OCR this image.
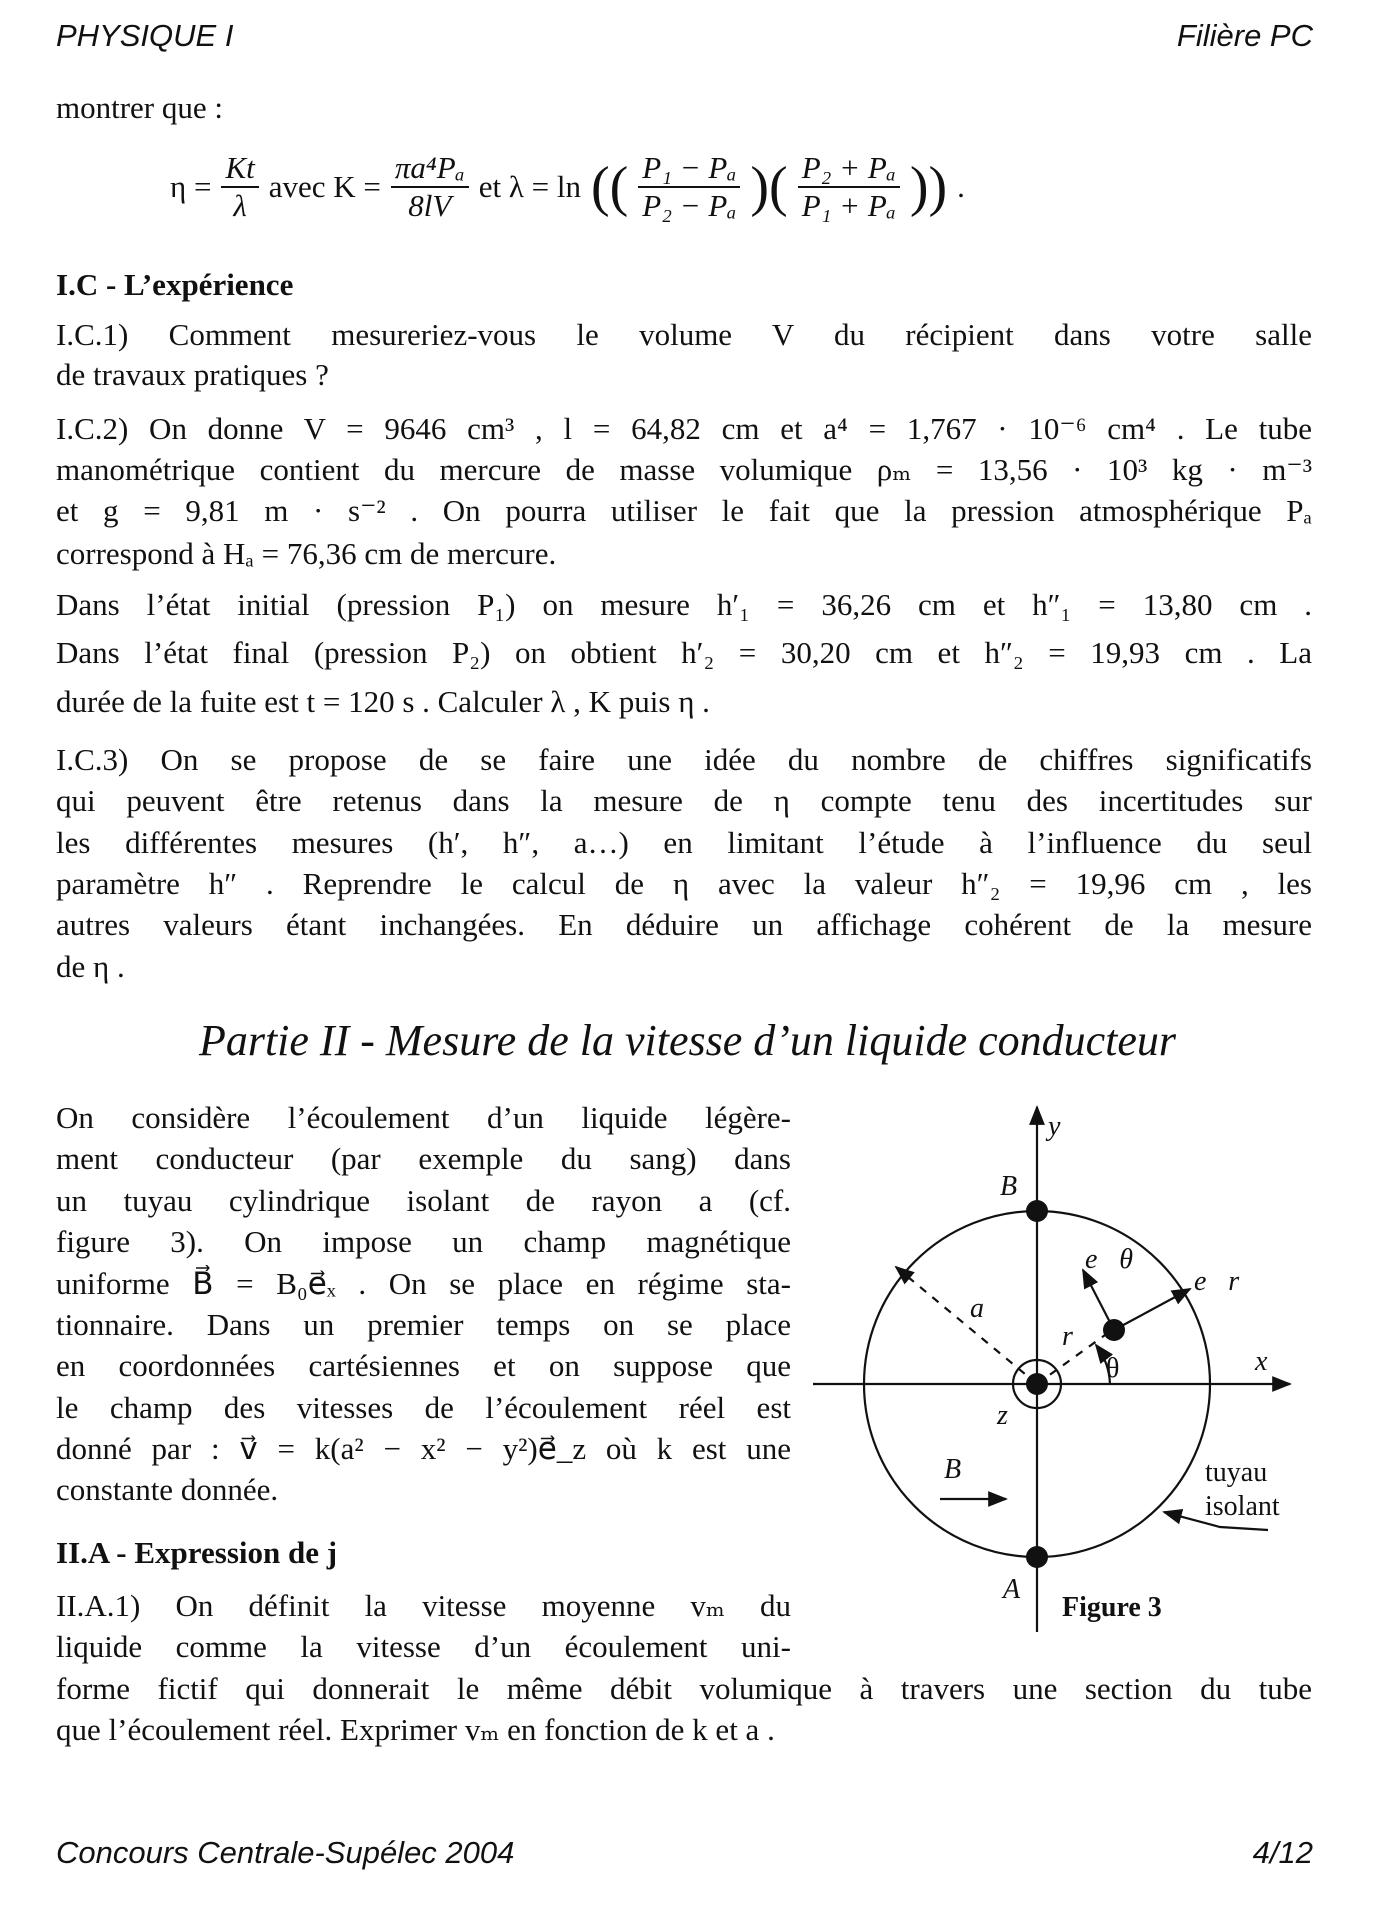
PHYSIQUE I	Filière PC
montrer que :
$\eta = \frac{Kt}{\lambda}$ avec $K = \frac{\text{πa⁴Pₐ}}{8lV}$ et λ = ln (( $\frac{\text{P₁ − Pₐ}}{\text{P₂ − Pₐ}}$ )( $\frac{\text{P₂ + Pₐ}}{\text{P₁ + Pₐ}}$ )) .
I.C - L’expérience
I.C.1) Comment mesureriez-vous le volume V du récipient dans votre salle
de travaux pratiques ?
I.C.2) On donne V = 9646 cm³ , l = 64,82 cm et a⁴ = 1,767 · 10⁻⁶ cm⁴ . Le tube
manométrique contient du mercure de masse volumique ρₘ = 13,56 · 10³ kg · m⁻³
et g = 9,81 m · s⁻² . On pourra utiliser le fait que la pression atmosphérique Pₐ
correspond à Hₐ = 76,36 cm de mercure.
Dans l’état initial (pression P₁) on mesure h′₁ = 36,26 cm et h″₁ = 13,80 cm .
Dans l’état final (pression P₂) on obtient h′₂ = 30,20 cm et h″₂ = 19,93 cm . La
durée de la fuite est t = 120 s . Calculer λ , K puis η .
I.C.3) On se propose de se faire une idée du nombre de chiffres significatifs
qui peuvent être retenus dans la mesure de η compte tenu des incertitudes sur
les différentes mesures (h′, h″, a…) en limitant l’étude à l’influence du seul
paramètre h″ . Reprendre le calcul de η avec la valeur h″₂ = 19,96 cm , les
autres valeurs étant inchangées. En déduire un affichage cohérent de la mesure
de η .
Partie II - Mesure de la vitesse d’un liquide conducteur
On considère l’écoulement d’un liquide légère-
ment conducteur (par exemple du sang) dans
un tuyau cylindrique isolant de rayon a (cf.
figure 3). On impose un champ magnétique
uniforme B⃗ = B₀e⃗ₓ . On se place en régime sta-
tionnaire. Dans un premier temps on se place
en coordonnées cartésiennes et on suppose que
le champ des vitesses de l’écoulement réel est
donné par : v⃗ = k(a² − x² − y²)e⃗_z où k est une
constante donnée.
II.A - Expression de j⃗
II.A.1) On définit la vitesse moyenne vₘ du
liquide comme la vitesse d’un écoulement uni-
forme fictif qui donnerait le même débit volumique à travers une section du tube
que l’écoulement réel. Exprimer vₘ en fonction de k et a .
y
x
z
B
A
a
r
e⃗θ
e⃗r
B⃗
θ
tuyau
isolant
Figure 3
Concours Centrale-Supélec 2004	4/12
